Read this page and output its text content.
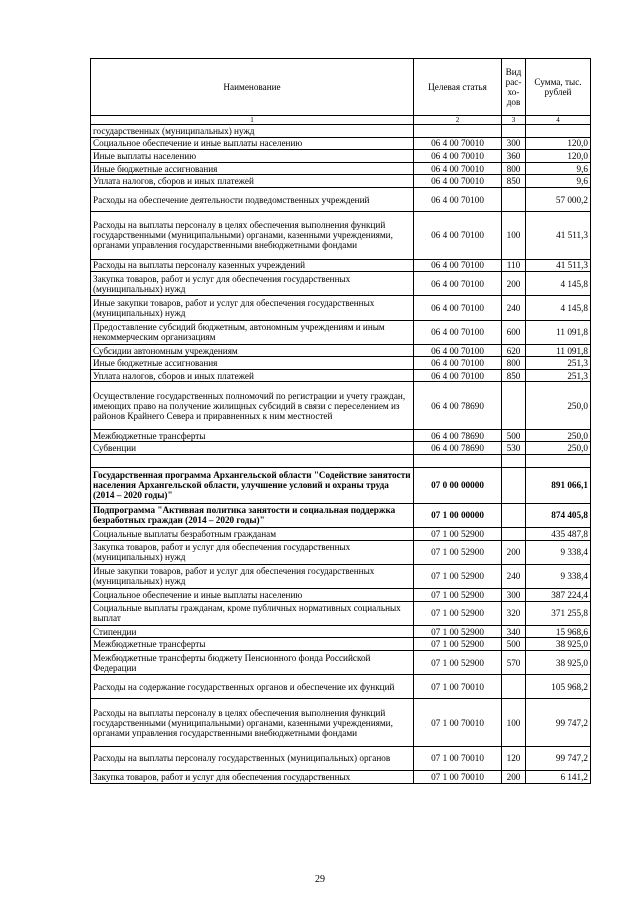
Наименование	Целевая статья	Вид рас-хо-дов	Сумма, тыс. рублей
1	2	3	4
государственных (муниципальных) нужд			
Социальное обеспечение и иные выплаты населению	06 4 00 70010	300	120,0
Иные выплаты населению	06 4 00 70010	360	120,0
Иные бюджетные ассигнования	06 4 00 70010	800	9,6
Уплата налогов, сборов и иных платежей	06 4 00 70010	850	9,6
Расходы на обеспечение деятельности подведомственных учреждений	06 4 00 70100		57 000,2
Расходы на выплаты персоналу в целях обеспечения выполнения функций государственными (муниципальными) органами, казенными учреждениями, органами управления государственными внебюджетными фондами	06 4 00 70100	100	41 511,3
Расходы на выплаты персоналу казенных учреждений	06 4 00 70100	110	41 511,3
Закупка товаров, работ и услуг для обеспечения государственных (муниципальных) нужд	06 4 00 70100	200	4 145,8
Иные закупки товаров, работ и услуг для обеспечения государственных (муниципальных) нужд	06 4 00 70100	240	4 145,8
Предоставление субсидий бюджетным, автономным учреждениям и иным некоммерческим организациям	06 4 00 70100	600	11 091,8
Субсидии автономным учреждениям	06 4 00 70100	620	11 091,8
Иные бюджетные ассигнования	06 4 00 70100	800	251,3
Уплата налогов, сборов и иных платежей	06 4 00 70100	850	251,3
Осуществление государственных полномочий по регистрации и учету граждан, имеющих право на получение жилищных субсидий в связи с переселением из районов Крайнего Севера и приравненных к ним местностей	06 4 00 78690		250,0
Межбюджетные трансферты	06 4 00 78690	500	250,0
Субвенции	06 4 00 78690	530	250,0

Государственная программа Архангельской области "Содействие занятости населения Архангельской области, улучшение условий и охраны труда (2014 – 2020 годы)"	07 0 00 00000		891 066,1
Подпрограмма "Активная политика занятости и социальная поддержка безработных граждан (2014 – 2020 годы)"	07 1 00 00000		874 405,8
Социальные выплаты безработным гражданам	07 1 00 52900		435 487,8
Закупка товаров, работ и услуг для обеспечения государственных (муниципальных) нужд	07 1 00 52900	200	9 338,4
Иные закупки товаров, работ и услуг для обеспечения государственных (муниципальных) нужд	07 1 00 52900	240	9 338,4
Социальное обеспечение и иные выплаты населению	07 1 00 52900	300	387 224,4
Социальные выплаты гражданам, кроме публичных нормативных социальных выплат	07 1 00 52900	320	371 255,8
Стипендии	07 1 00 52900	340	15 968,6
Межбюджетные трансферты	07 1 00 52900	500	38 925,0
Межбюджетные трансферты бюджету Пенсионного фонда Российской Федерации	07 1 00 52900	570	38 925,0
Расходы на содержание государственных органов и обеспечение их функций	07 1 00 70010		105 968,2
Расходы на выплаты персоналу в целях обеспечения выполнения функций государственными (муниципальными) органами, казенными учреждениями, органами управления государственными внебюджетными фондами	07 1 00 70010	100	99 747,2
Расходы на выплаты персоналу государственных (муниципальных) органов	07 1 00 70010	120	99 747,2
Закупка товаров, работ и услуг для обеспечения государственных	07 1 00 70010	200	6 141,2
29
